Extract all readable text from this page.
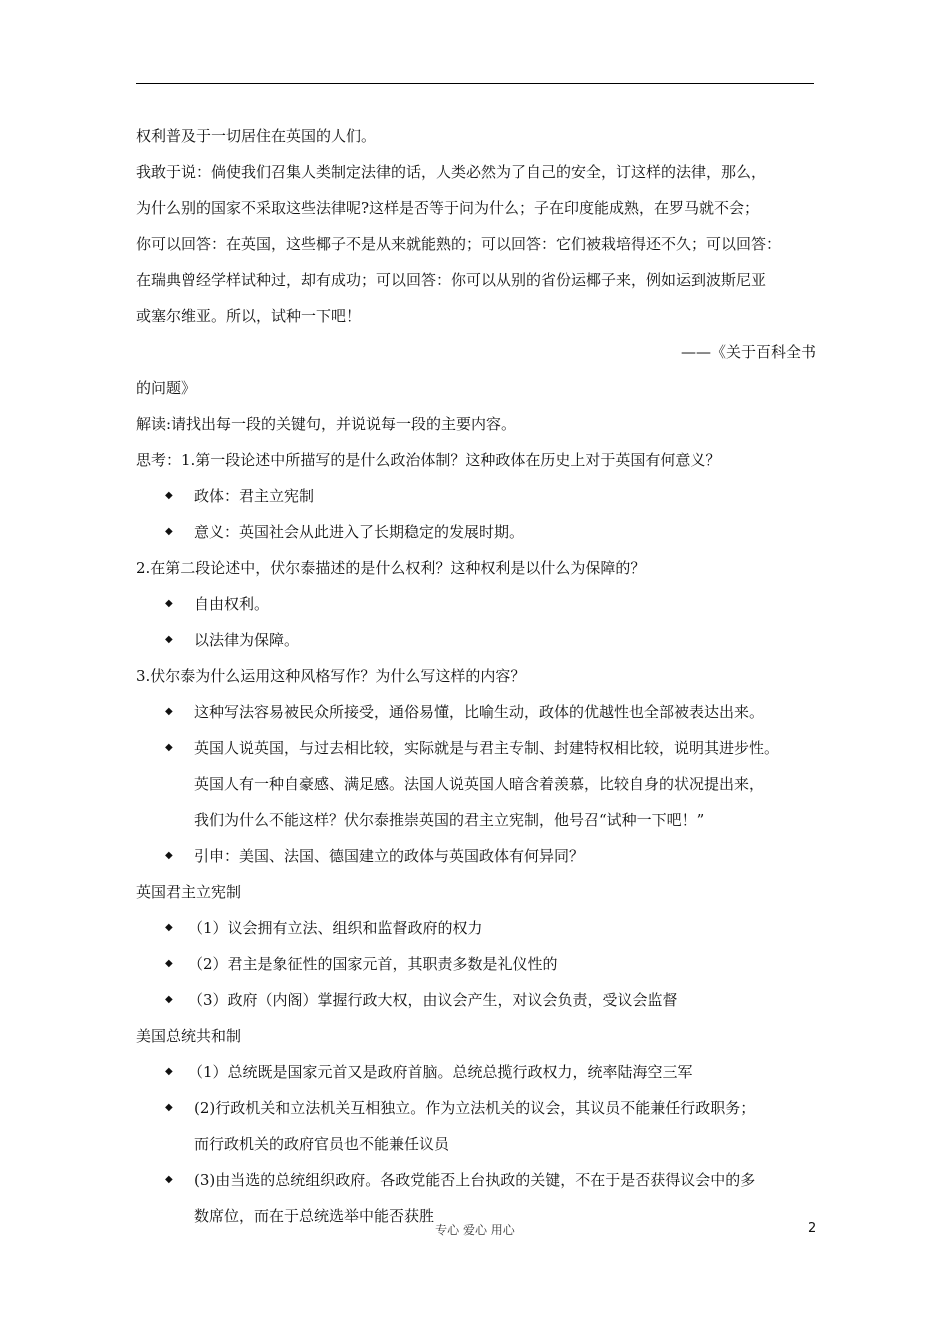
权利普及于一切居住在英国的人们。

我敢于说：倘使我们召集人类制定法律的话，人类必然为了自己的安全，订这样的法律，那么，

为什么别的国家不采取这些法律呢?这样是否等于问为什么；子在印度能成熟，在罗马就不会；

你可以回答：在英国，这些椰子不是从来就能熟的；可以回答：它们被栽培得还不久；可以回答：

在瑞典曾经学样试种过，却有成功；可以回答：你可以从别的省份运椰子来，例如运到波斯尼亚

或塞尔维亚。所以，试种一下吧！

——《关于百科全书

的问题》

解读:请找出每一段的关键句，并说说每一段的主要内容。

思考：1.第一段论述中所描写的是什么政治体制？这种政体在历史上对于英国有何意义？

◆ 政体：君主立宪制
◆ 意义：英国社会从此进入了长期稳定的发展时期。

2.在第二段论述中，伏尔泰描述的是什么权利？这种权利是以什么为保障的？

◆ 自由权利。
◆ 以法律为保障。

3.伏尔泰为什么运用这种风格写作？为什么写这样的内容？

◆ 这种写法容易被民众所接受，通俗易懂，比喻生动，政体的优越性也全部被表达出来。
◆ 英国人说英国，与过去相比较，实际就是与君主专制、封建特权相比较，说明其进步性。
英国人有一种自豪感、满足感。法国人说英国人暗含着羡慕，比较自身的状况提出来，
我们为什么不能这样？伏尔泰推崇英国的君主立宪制，他号召“试种一下吧！”
◆ 引申：美国、法国、德国建立的政体与英国政体有何异同？

英国君主立宪制

◆ （1）议会拥有立法、组织和监督政府的权力
◆ （2）君主是象征性的国家元首，其职责多数是礼仪性的
◆ （3）政府（内阁）掌握行政大权，由议会产生，对议会负责，受议会监督

美国总统共和制

◆ （1）总统既是国家元首又是政府首脑。总统总揽行政权力，统率陆海空三军
◆ (2)行政机关和立法机关互相独立。作为立法机关的议会，其议员不能兼任行政职务；
而行政机关的政府官员也不能兼任议员
◆ (3)由当选的总统组织政府。各政党能否上台执政的关键，不在于是否获得议会中的多
数席位，而在于总统选举中能否获胜
专心 爱心 用心	2
